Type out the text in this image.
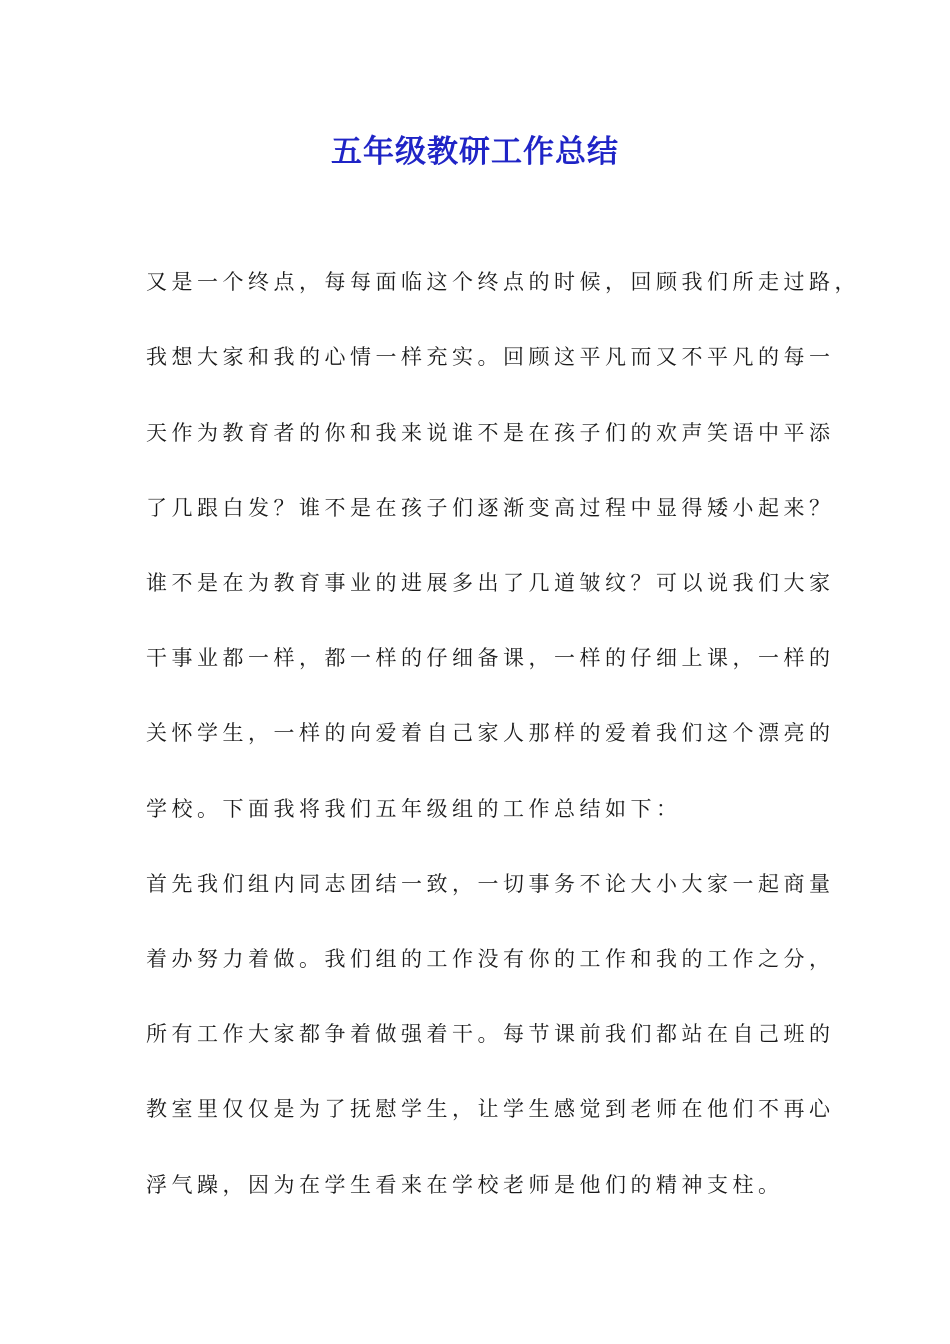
五年级教研工作总结

又是一个终点，每每面临这个终点的时候，回顾我们所走过路，

我想大家和我的心情一样充实。回顾这平凡而又不平凡的每一

天作为教育者的你和我来说谁不是在孩子们的欢声笑语中平添

了几跟白发？谁不是在孩子们逐渐变高过程中显得矮小起来？

谁不是在为教育事业的进展多出了几道皱纹？可以说我们大家

干事业都一样，都一样的仔细备课，一样的仔细上课，一样的

关怀学生，一样的向爱着自己家人那样的爱着我们这个漂亮的

学校。下面我将我们五年级组的工作总结如下：

首先我们组内同志团结一致，一切事务不论大小大家一起商量

着办努力着做。我们组的工作没有你的工作和我的工作之分，

所有工作大家都争着做强着干。每节课前我们都站在自己班的

教室里仅仅是为了抚慰学生，让学生感觉到老师在他们不再心

浮气躁，因为在学生看来在学校老师是他们的精神支柱。
